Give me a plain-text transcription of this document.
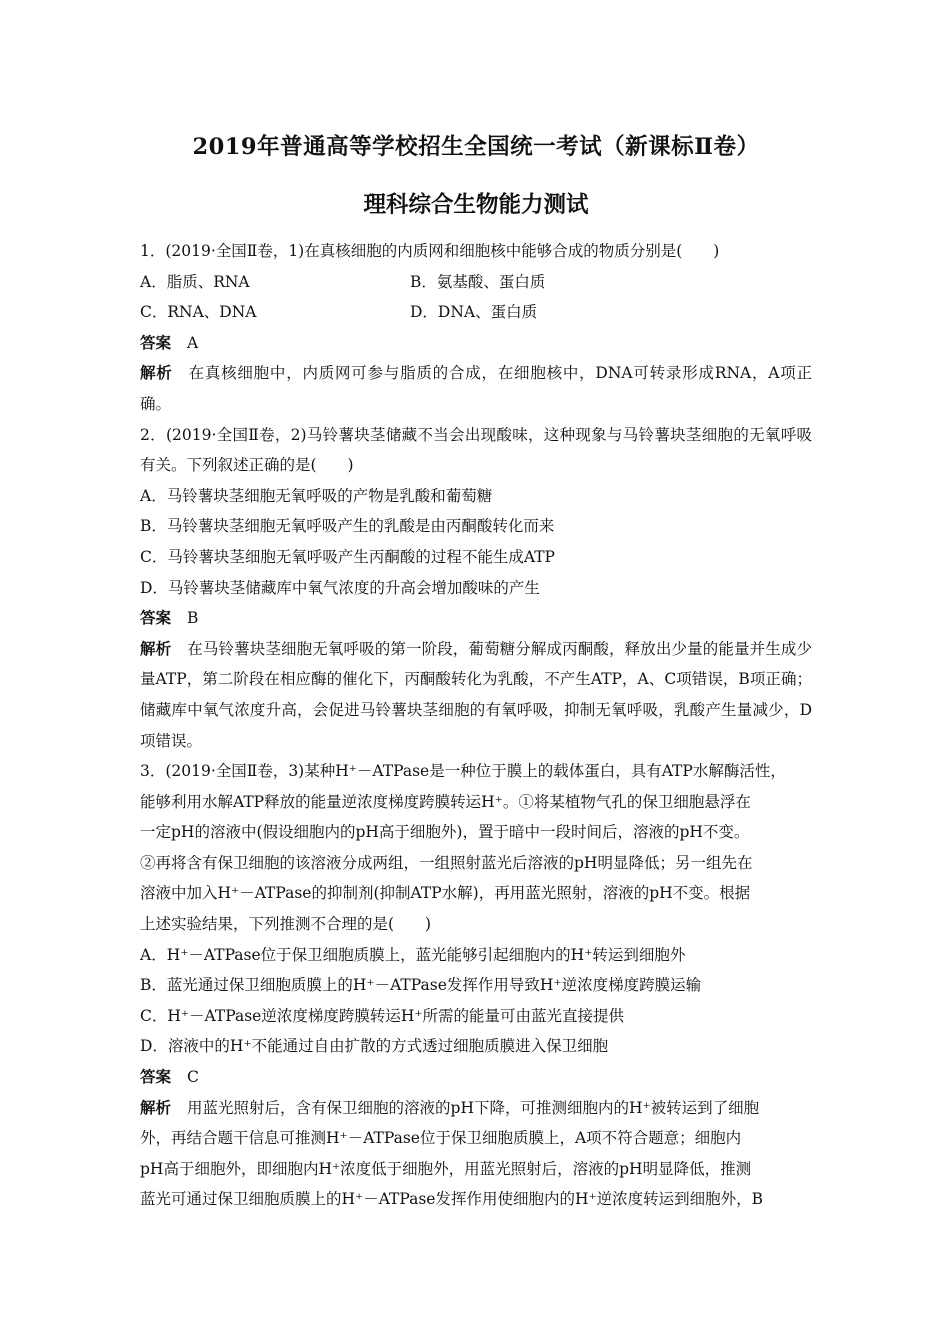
2019年普通高等学校招生全国统一考试（新课标Ⅱ卷）
理科综合生物能力测试

1．(2019·全国Ⅱ卷，1)在真核细胞的内质网和细胞核中能够合成的物质分别是(　　)

A．脂质、RNA	B．氨基酸、蛋白质
C．RNA、DNA	D．DNA、蛋白质

答案 A

解析 在真核细胞中，内质网可参与脂质的合成，在细胞核中，DNA可转录形成RNA，A项正确。

2．(2019·全国Ⅱ卷，2)马铃薯块茎储藏不当会出现酸味，这种现象与马铃薯块茎细胞的无氧呼吸有关。下列叙述正确的是(　　)

A．马铃薯块茎细胞无氧呼吸的产物是乳酸和葡萄糖

B．马铃薯块茎细胞无氧呼吸产生的乳酸是由丙酮酸转化而来

C．马铃薯块茎细胞无氧呼吸产生丙酮酸的过程不能生成ATP

D．马铃薯块茎储藏库中氧气浓度的升高会增加酸味的产生

答案 B

解析 在马铃薯块茎细胞无氧呼吸的第一阶段，葡萄糖分解成丙酮酸，释放出少量的能量并生成少量ATP，第二阶段在相应酶的催化下，丙酮酸转化为乳酸，不产生ATP，A、C项错误，B项正确；储藏库中氧气浓度升高，会促进马铃薯块茎细胞的有氧呼吸，抑制无氧呼吸，乳酸产生量减少，D项错误。

3．(2019·全国Ⅱ卷，3)某种H⁺－ATPase是一种位于膜上的载体蛋白，具有ATP水解酶活性，

能够利用水解ATP释放的能量逆浓度梯度跨膜转运H⁺。①将某植物气孔的保卫细胞悬浮在

一定pH的溶液中(假设细胞内的pH高于细胞外)，置于暗中一段时间后，溶液的pH不变。

②再将含有保卫细胞的该溶液分成两组，一组照射蓝光后溶液的pH明显降低；另一组先在

溶液中加入H⁺－ATPase的抑制剂(抑制ATP水解)，再用蓝光照射，溶液的pH不变。根据

上述实验结果，下列推测不合理的是(　　)

A．H⁺－ATPase位于保卫细胞质膜上，蓝光能够引起细胞内的H⁺转运到细胞外

B．蓝光通过保卫细胞质膜上的H⁺－ATPase发挥作用导致H⁺逆浓度梯度跨膜运输

C．H⁺－ATPase逆浓度梯度跨膜转运H⁺所需的能量可由蓝光直接提供

D．溶液中的H⁺不能通过自由扩散的方式透过细胞质膜进入保卫细胞

答案 C

解析 用蓝光照射后，含有保卫细胞的溶液的pH下降，可推测细胞内的H⁺被转运到了细胞

外，再结合题干信息可推测H⁺－ATPase位于保卫细胞质膜上，A项不符合题意；细胞内

pH高于细胞外，即细胞内H⁺浓度低于细胞外，用蓝光照射后，溶液的pH明显降低，推测

蓝光可通过保卫细胞质膜上的H⁺－ATPase发挥作用使细胞内的H⁺逆浓度转运到细胞外，B
